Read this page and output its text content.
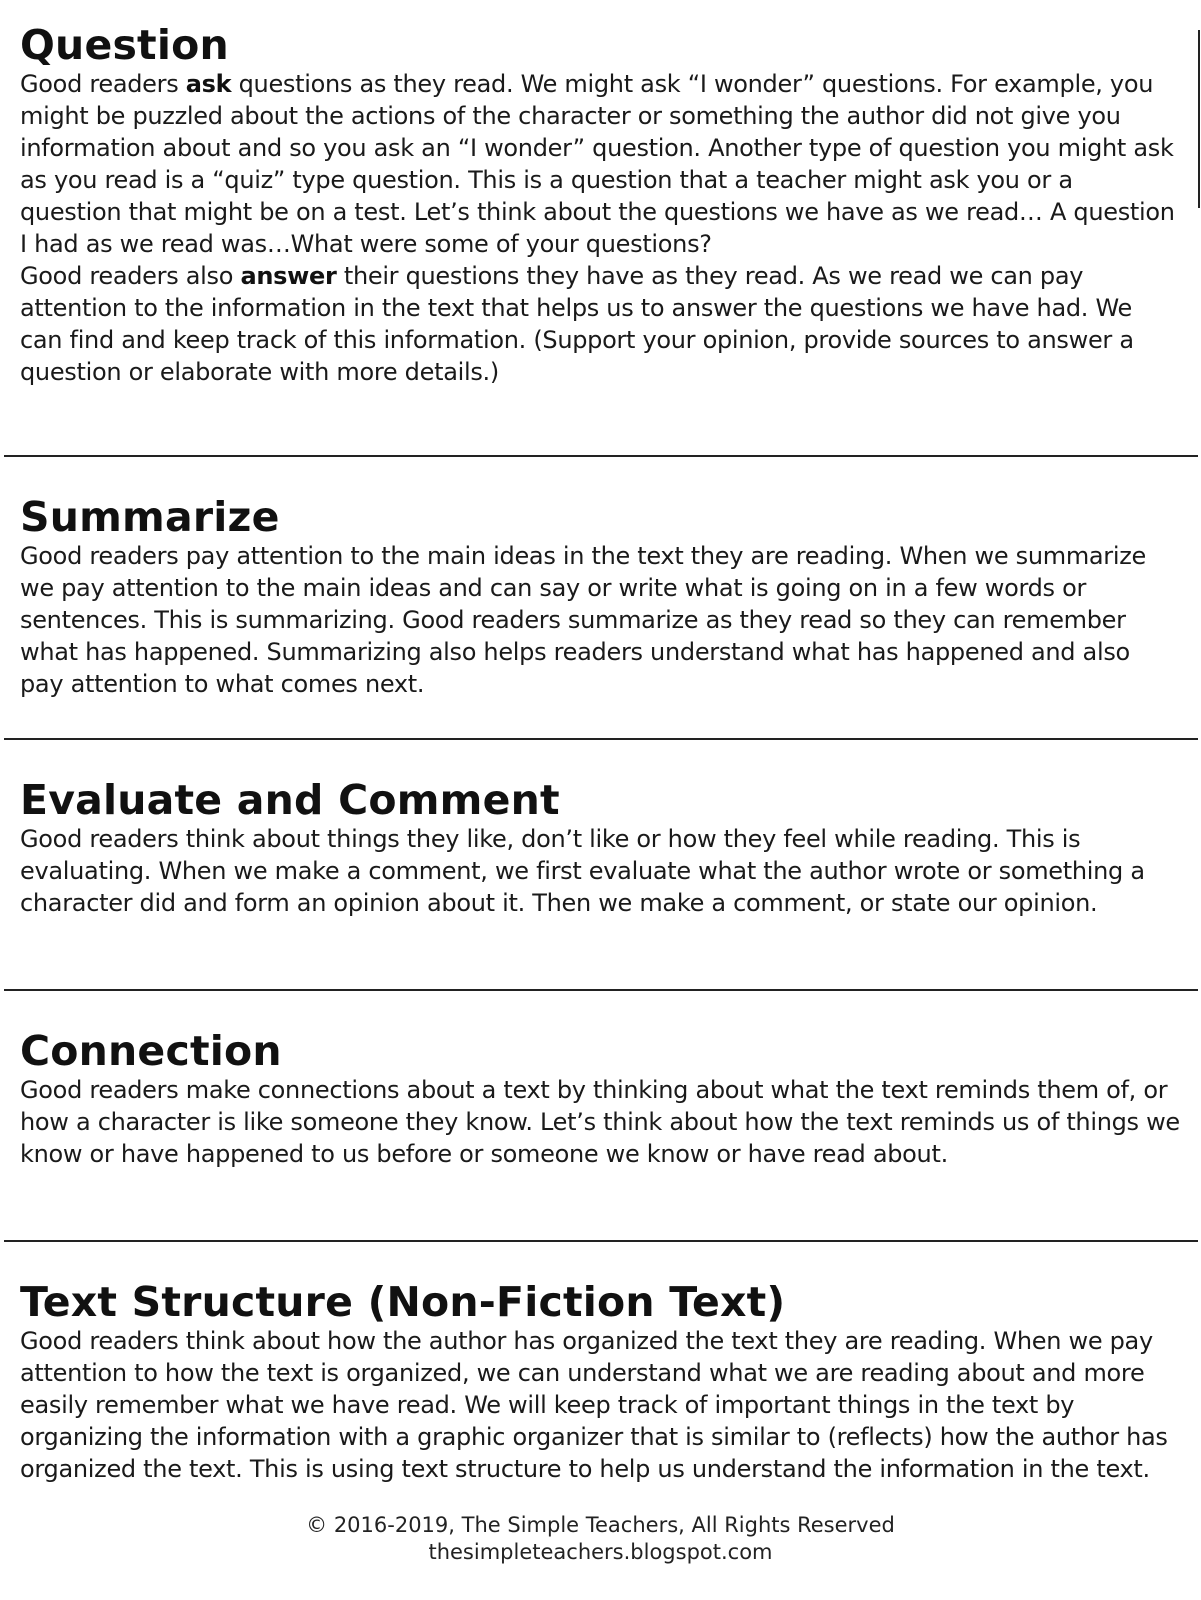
Question

Good readers ask questions as they read. We might ask “I wonder” questions. For example, you might be puzzled about the actions of the character or something the author did not give you information about and so you ask an “I wonder” question. Another type of question you might ask as you read is a “quiz” type question. This is a question that a teacher might ask you or a question that might be on a test. Let’s think about the questions we have as we read… A question I had as we read was…What were some of your questions?

Good readers also answer their questions they have as they read. As we read we can pay attention to the information in the text that helps us to answer the questions we have had. We can find and keep track of this information. (Support your opinion, provide sources to answer a question or elaborate with more details.)

Summarize
Good readers pay attention to the main ideas in the text they are reading. When we summarize we pay attention to the main ideas and can say or write what is going on in a few words or sentences. This is summarizing. Good readers summarize as they read so they can remember what has happened. Summarizing also helps readers understand what has happened and also pay attention to what comes next.
Evaluate and Comment
Good readers think about things they like, don’t like or how they feel while reading. This is evaluating. When we make a comment, we first evaluate what the author wrote or something a character did and form an opinion about it. Then we make a comment, or state our opinion.
Connection
Good readers make connections about a text by thinking about what the text reminds them of, or how a character is like someone they know. Let’s think about how the text reminds us of things we know or have happened to us before or someone we know or have read about.
Text Structure (Non-Fiction Text)
Good readers think about how the author has organized the text they are reading. When we pay attention to how the text is organized, we can understand what we are reading about and more easily remember what we have read. We will keep track of important things in the text by organizing the information with a graphic organizer that is similar to (reflects) how the author has organized the text. This is using text structure to help us understand the information in the text.
© 2016-2019, The Simple Teachers, All Rights Reserved
thesimpleteachers.blogspot.com
